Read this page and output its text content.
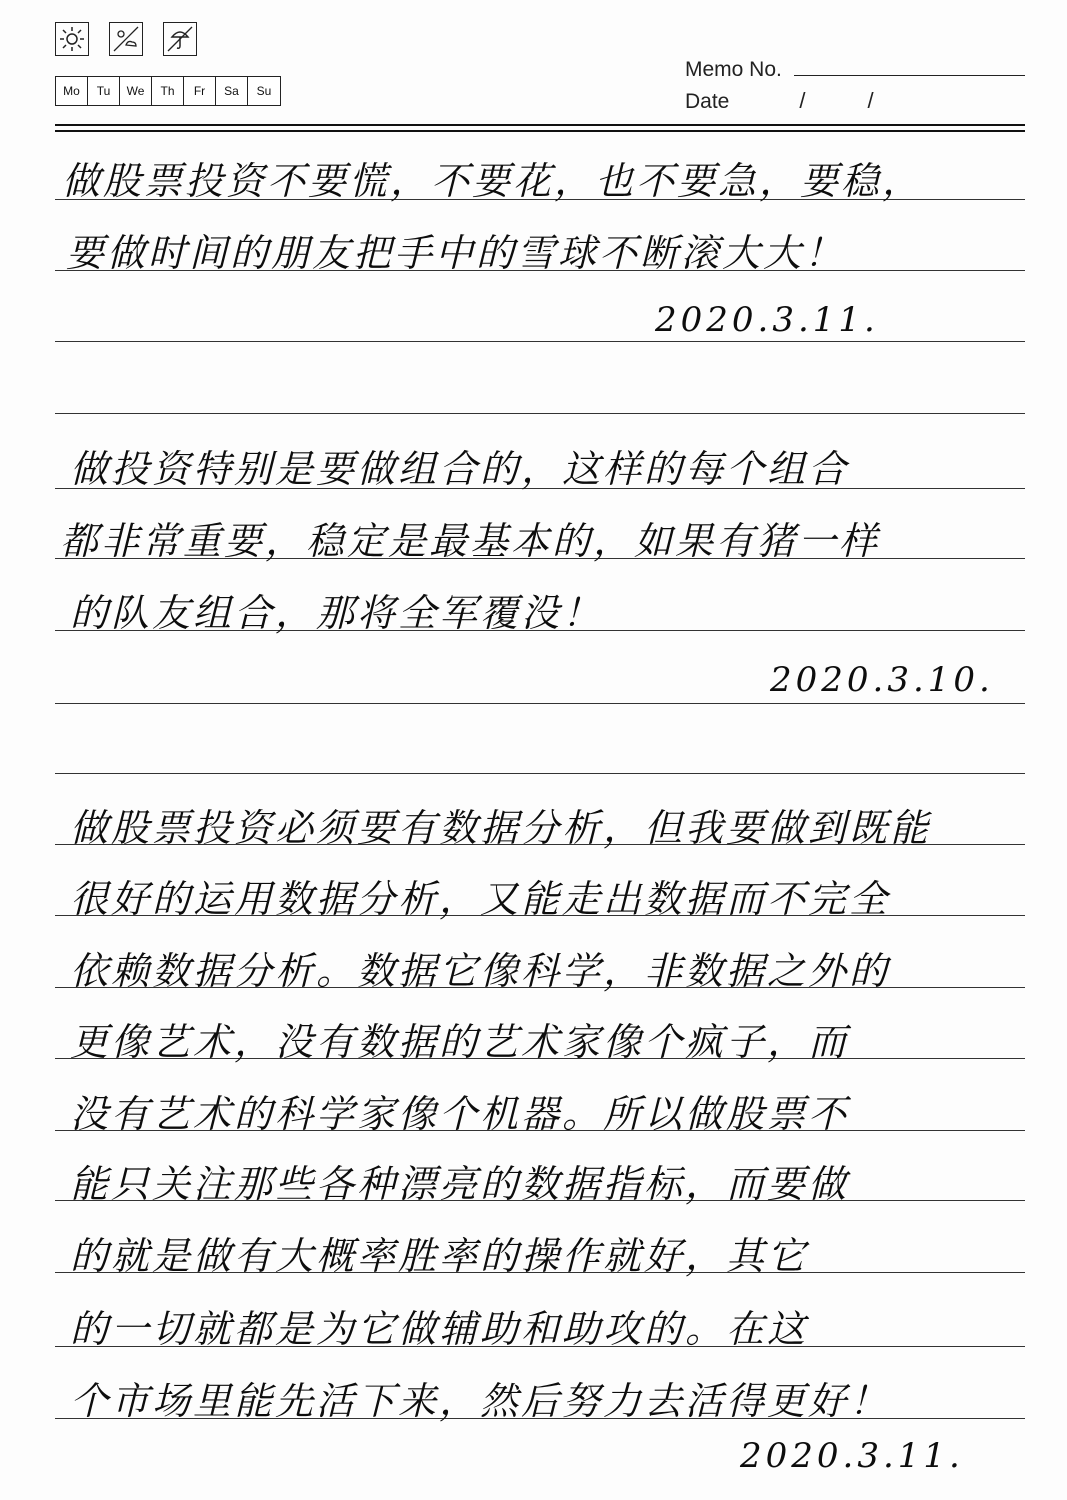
Mo	Tu	We	Th	Fr	Sa	Su
Memo No.
Date	/	/
做股票投资不要慌，不要花，也不要急，要稳，
要做时间的朋友把手中的雪球不断滚大大！
2020.3.11.
做投资特别是要做组合的，这样的每个组合
都非常重要，稳定是最基本的，如果有猪一样
的队友组合，那将全军覆没！
2020.3.10.
做股票投资必须要有数据分析，但我要做到既能
很好的运用数据分析，又能走出数据而不完全
依赖数据分析。数据它像科学，非数据之外的
更像艺术，没有数据的艺术家像个疯子，而
没有艺术的科学家像个机器。所以做股票不
能只关注那些各种漂亮的数据指标，而要做
的就是做有大概率胜率的操作就好，其它
的一切就都是为它做辅助和助攻的。在这
个市场里能先活下来，然后努力去活得更好！
2020.3.11.
